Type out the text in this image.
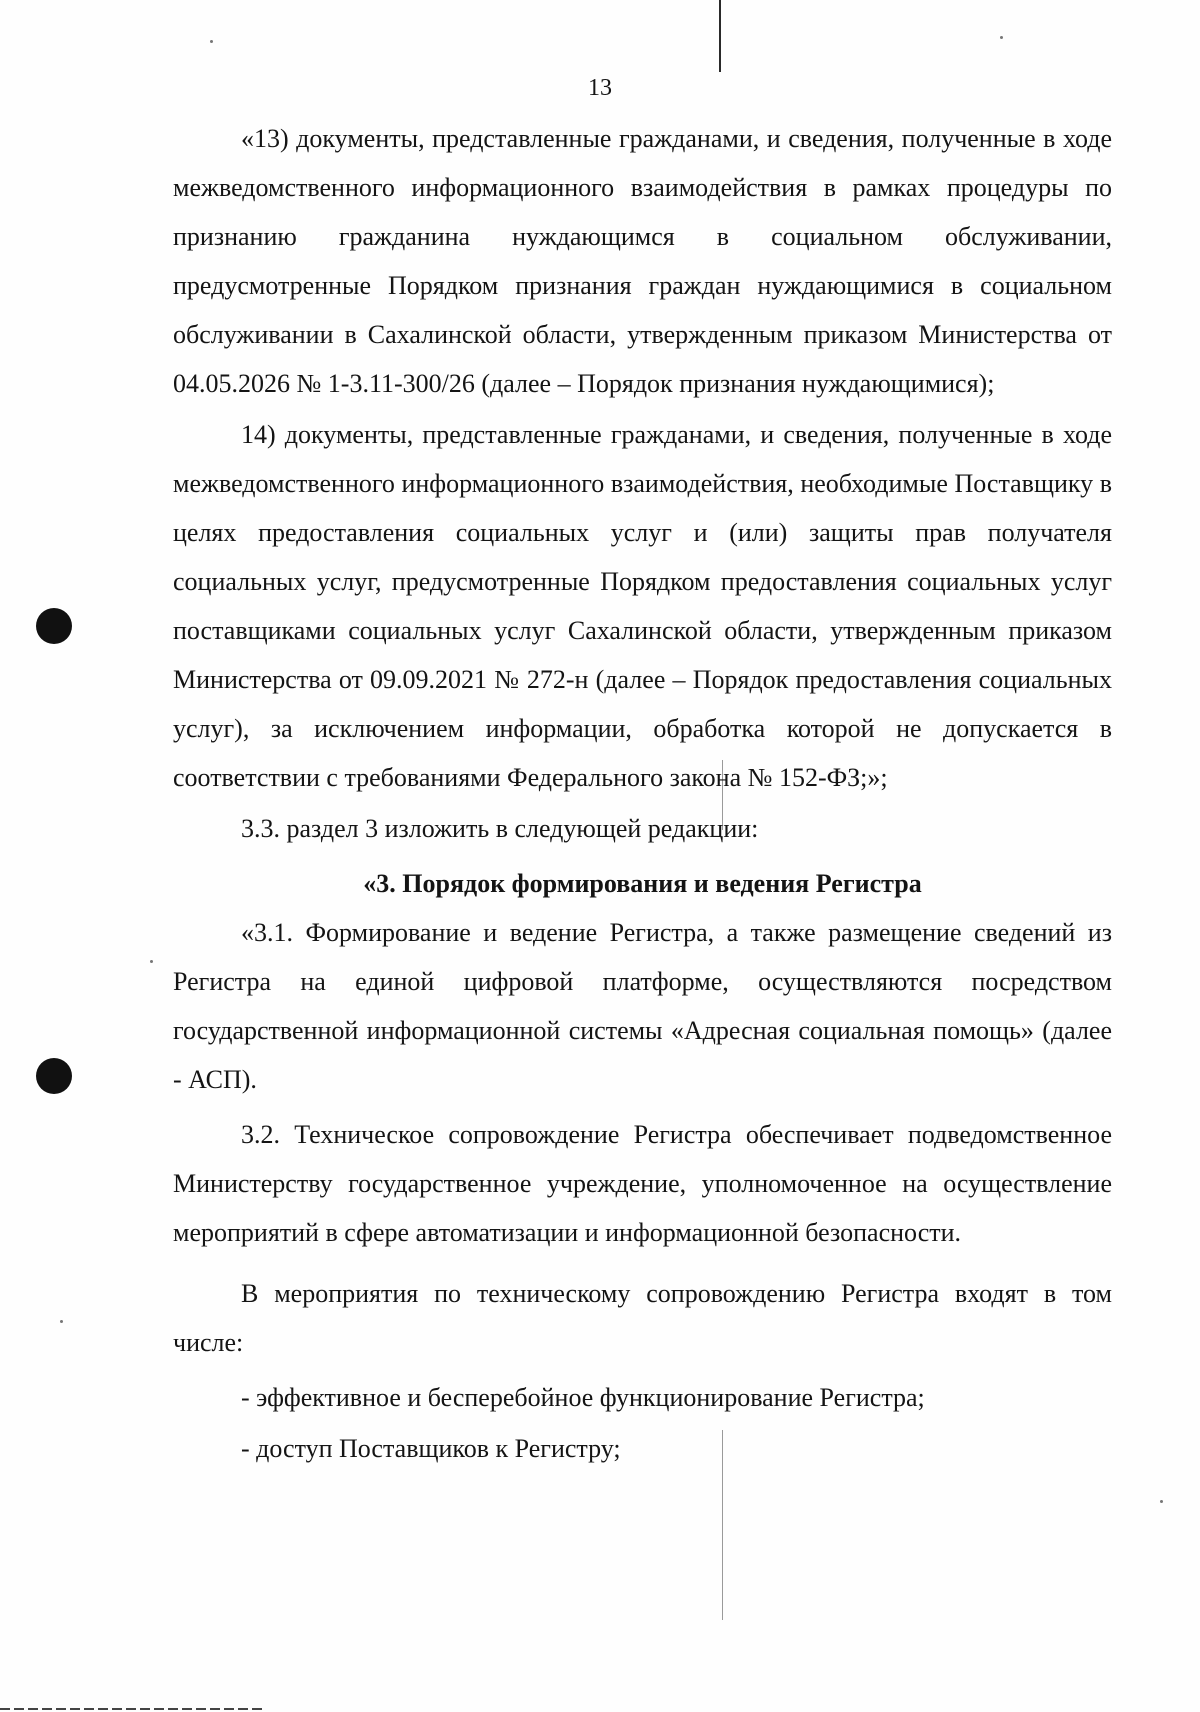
13

«13) документы, представленные гражданами, и сведения, полученные в ходе межведомственного информационного взаимодействия в рамках процедуры по признанию гражданина нуждающимся в социальном обслуживании, предусмотренные Порядком признания граждан нуждающимися в социальном обслуживании в Сахалинской области, утвержденным приказом Министерства от 04.05.2026 № 1-3.11-300/26 (далее – Порядок признания нуждающимися);

14) документы, представленные гражданами, и сведения, полученные в ходе межведомственного информационного взаимодействия, необходимые Поставщику в целях предоставления социальных услуг и (или) защиты прав получателя социальных услуг, предусмотренные Порядком предоставления социальных услуг поставщиками социальных услуг Сахалинской области, утвержденным приказом Министерства от 09.09.2021 № 272-н (далее – Порядок предоставления социальных услуг), за исключением информации, обработка которой не допускается в соответствии с требованиями Федерального закона № 152-ФЗ;»;

3.3. раздел 3 изложить в следующей редакции:

«3. Порядок формирования и ведения Регистра

«3.1. Формирование и ведение Регистра, а также размещение сведений из Регистра на единой цифровой платформе, осуществляются посредством государственной информационной системы «Адресная социальная помощь» (далее - АСП).

3.2. Техническое сопровождение Регистра обеспечивает подведомственное Министерству государственное учреждение, уполномоченное на осуществление мероприятий в сфере автоматизации и информационной безопасности.

В мероприятия по техническому сопровождению Регистра входят в том числе:

- эффективное и бесперебойное функционирование Регистра;

- доступ Поставщиков к Регистру;
